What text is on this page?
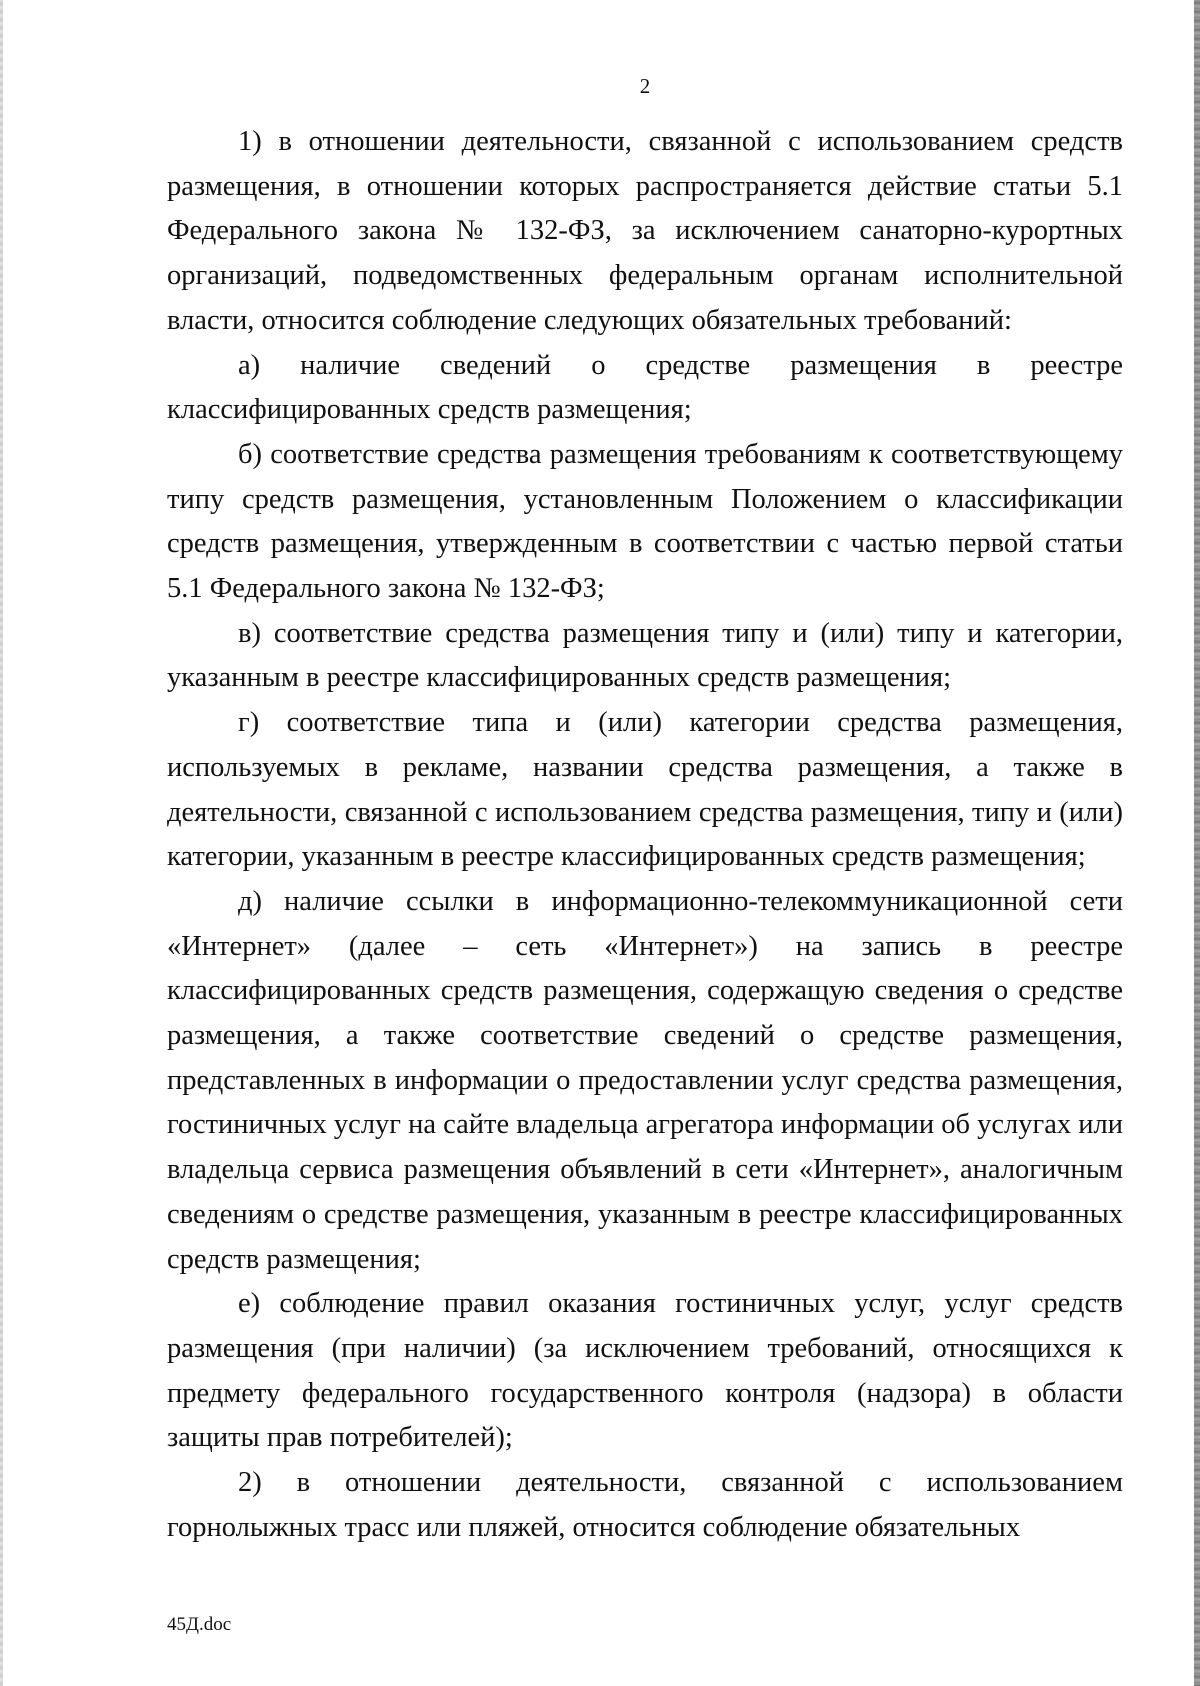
2

1) в отношении деятельности, связанной с использованием средств размещения, в отношении которых распространяется действие статьи 5.1 Федерального закона № 132-ФЗ, за исключением санаторно-курортных организаций, подведомственных федеральным органам исполнительной власти, относится соблюдение следующих обязательных требований:

а) наличие сведений о средстве размещения в реестре классифицированных средств размещения;

б) соответствие средства размещения требованиям к соответствующему типу средств размещения, установленным Положением о классификации средств размещения, утвержденным в соответствии с частью первой статьи 5.1 Федерального закона № 132-ФЗ;

в) соответствие средства размещения типу и (или) типу и категории, указанным в реестре классифицированных средств размещения;

г) соответствие типа и (или) категории средства размещения, используемых в рекламе, названии средства размещения, а также в деятельности, связанной с использованием средства размещения, типу и (или) категории, указанным в реестре классифицированных средств размещения;

д) наличие ссылки в информационно-телекоммуникационной сети «Интернет» (далее – сеть «Интернет») на запись в реестре классифицированных средств размещения, содержащую сведения о средстве размещения, а также соответствие сведений о средстве размещения, представленных в информации о предоставлении услуг средства размещения, гостиничных услуг на сайте владельца агрегатора информации об услугах или владельца сервиса размещения объявлений в сети «Интернет», аналогичным сведениям о средстве размещения, указанным в реестре классифицированных средств размещения;

е) соблюдение правил оказания гостиничных услуг, услуг средств размещения (при наличии) (за исключением требований, относящихся к предмету федерального государственного контроля (надзора) в области защиты прав потребителей);

2) в отношении деятельности, связанной с использованием горнолыжных трасс или пляжей, относится соблюдение обязательных

45Д.doc
